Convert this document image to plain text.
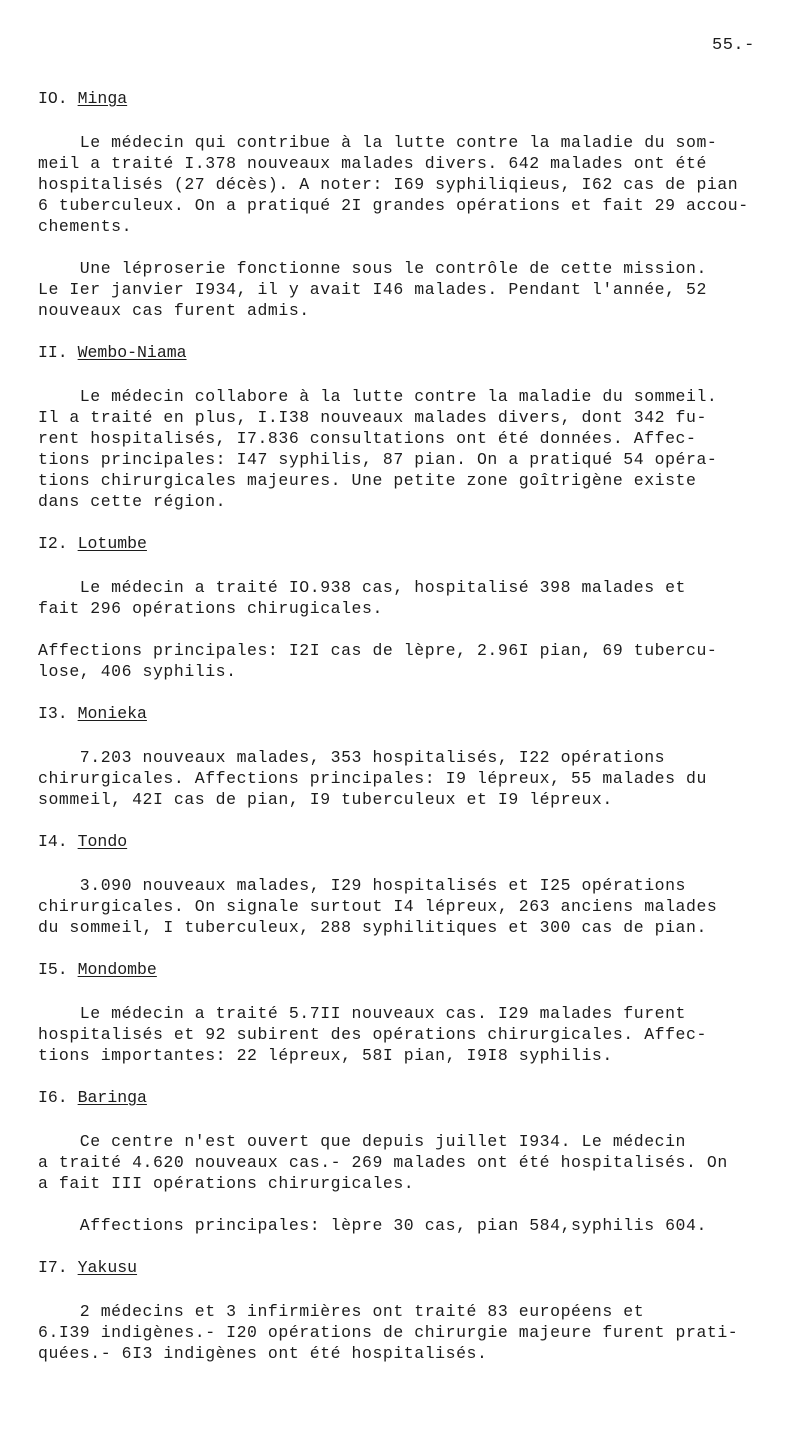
55.-
IO. Minga
Le médecin qui contribue à la lutte contre la maladie du som-
meil a traité I.378 nouveaux malades divers. 642 malades ont été
hospitalisés (27 décès). A noter: I69 syphiliqieus, I62 cas de pian
6 tuberculeux. On a pratiqué 2I grandes opérations et fait 29 accou-
chements.
Une léproserie fonctionne sous le contrôle de cette mission.
Le Ier janvier I934, il y avait I46 malades. Pendant l'année, 52
nouveaux cas furent admis.
II. Wembo-Niama
Le médecin collabore à la lutte contre la maladie du sommeil.
Il a traité en plus, I.I38 nouveaux malades divers, dont 342 fu-
rent hospitalisés, I7.836 consultations ont été données. Affec-
tions principales: I47 syphilis, 87 pian. On a pratiqué 54 opéra-
tions chirurgicales majeures. Une petite zone goîtrigène existe
dans cette région.
I2. Lotumbe
Le médecin a traité IO.938 cas, hospitalisé 398 malades et
fait 296 opérations chirugicales.
Affections principales: I2I cas de lèpre, 2.96I pian, 69 tubercu-
lose, 406 syphilis.
I3. Monieka
7.203 nouveaux malades, 353 hospitalisés, I22 opérations
chirurgicales. Affections principales: I9 lépreux, 55 malades du
sommeil, 42I cas de pian, I9 tuberculeux et I9 lépreux.
I4. Tondo
3.090 nouveaux malades, I29 hospitalisés et I25 opérations
chirurgicales. On signale surtout I4 lépreux, 263 anciens malades
du sommeil, I tuberculeux, 288 syphilitiques et 300 cas de pian.
I5. Mondombe
Le médecin a traité 5.7II nouveaux cas. I29 malades furent
hospitalisés et 92 subirent des opérations chirurgicales. Affec-
tions importantes: 22 lépreux, 58I pian, I9I8 syphilis.
I6. Baringa
Ce centre n'est ouvert que depuis juillet I934. Le médecin
a traité 4.620 nouveaux cas.- 269 malades ont été hospitalisés. On
a fait III opérations chirurgicales.
Affections principales: lèpre 30 cas, pian 584,syphilis 604.
I7. Yakusu
2 médecins et 3 infirmières ont traité 83 européens et
6.I39 indigènes.- I20 opérations de chirurgie majeure furent prati-
quées.- 6I3 indigènes ont été hospitalisés.
